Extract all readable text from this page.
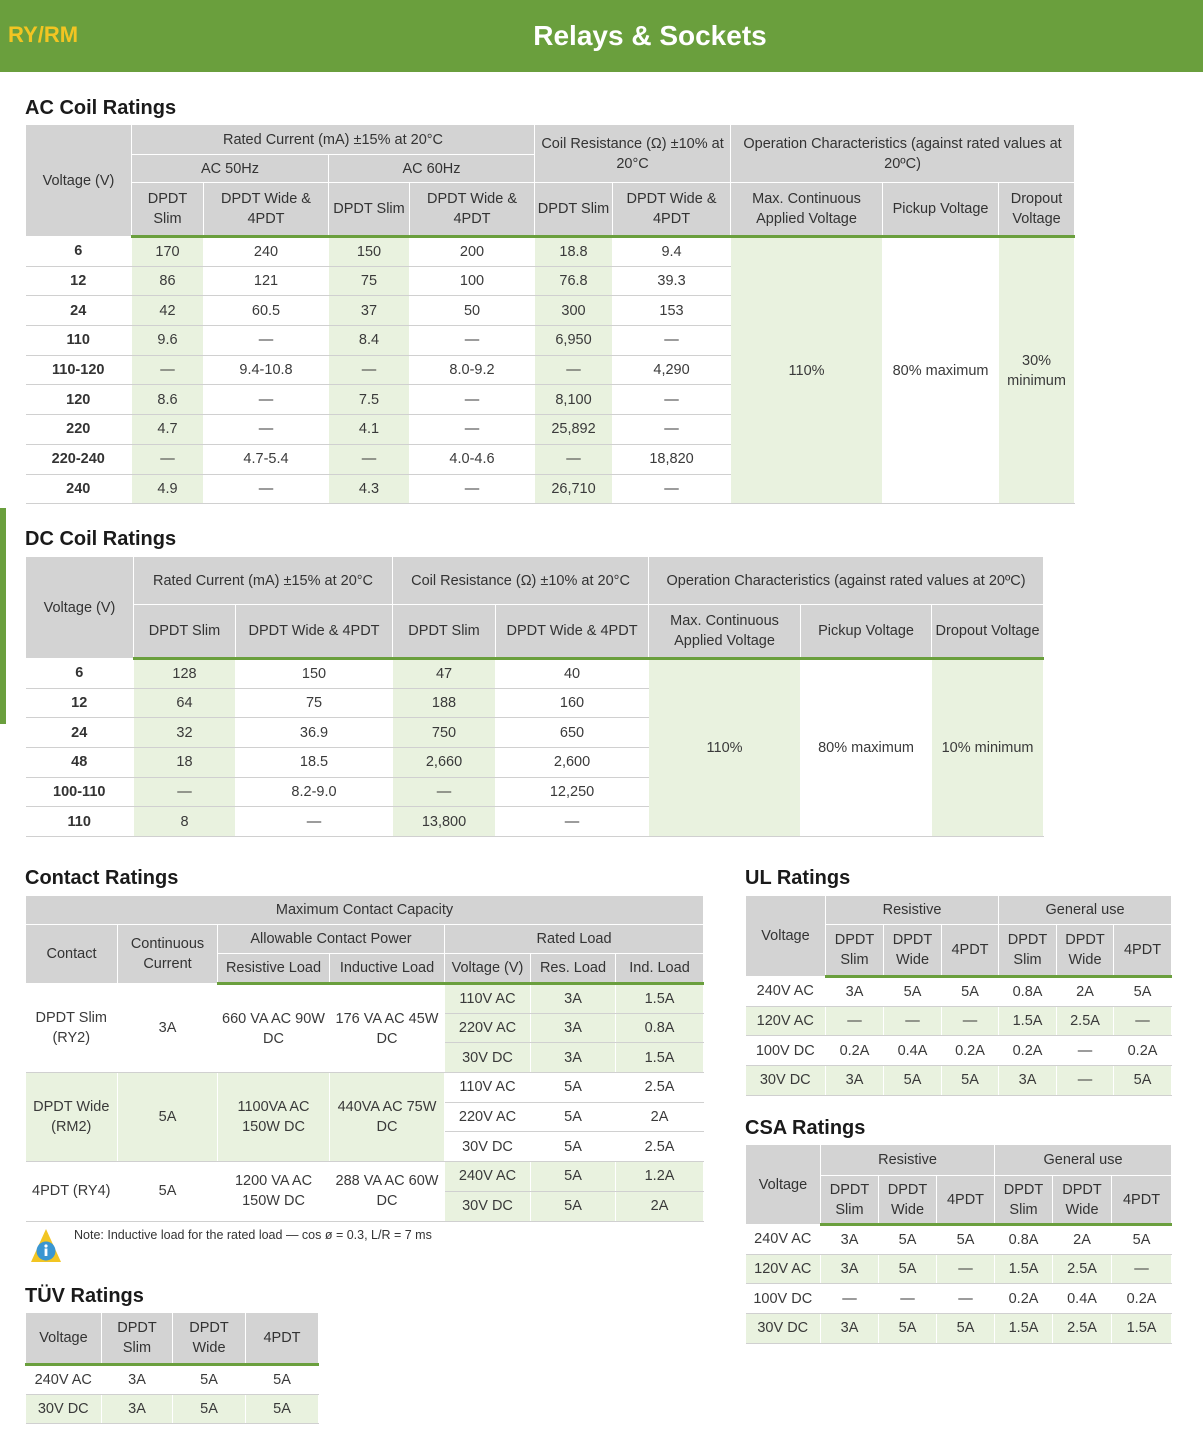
RY/RM	Relays & Sockets
AC Coil Ratings
Voltage (V)	Rated Current (mA) ±15% at 20°C				Coil Resistance (Ω) ±10% at 20°C		Operation Characteristics (against rated values at 20ºC)		
	AC 50Hz		AC 60Hz						
	DPDT Slim	DPDT Wide & 4PDT	DPDT Slim	DPDT Wide & 4PDT	DPDT Slim	DPDT Wide & 4PDT	Max. Continuous Applied Voltage	Pickup Voltage	Dropout Voltage
6	170	240	150	200	18.8	9.4	110%	80% maximum	30% minimum
12	86	121	75	100	76.8	39.3			
24	42	60.5	37	50	300	153			
110	9.6	—	8.4	—	6,950	—			
110-120	—	9.4-10.8	—	8.0-9.2	—	4,290			
120	8.6	—	7.5	—	8,100	—			
220	4.7	—	4.1	—	25,892	—			
220-240	—	4.7-5.4	—	4.0-4.6	—	18,820			
240	4.9	—	4.3	—	26,710	—			
DC Coil Ratings
Voltage (V)	Rated Current (mA) ±15% at 20°C		Coil Resistance (Ω) ±10% at 20°C		Operation Characteristics (against rated values at 20ºC)		
	DPDT Slim	DPDT Wide & 4PDT	DPDT Slim	DPDT Wide & 4PDT	Max. Continuous Applied Voltage	Pickup Voltage	Dropout Voltage
6	128	150	47	40	110%	80% maximum	10% minimum
12	64	75	188	160			
24	32	36.9	750	650			
48	18	18.5	2,660	2,600			
100-110	—	8.2-9.0	—	12,250			
110	8	—	13,800	—			
Contact Ratings
Maximum Contact Capacity						
Contact	Continuous Current	Allowable Contact Power		Rated Load		
		Resistive Load	Inductive Load	Voltage (V)	Res. Load	Ind. Load
DPDT Slim (RY2)	3A	660 VA AC 90W DC	176 VA AC 45W DC	110V AC	3A	1.5A
				220V AC	3A	0.8A
				30V DC	3A	1.5A
DPDT Wide (RM2)	5A	1100VA AC 150W DC	440VA AC 75W DC	110V AC	5A	2.5A
				220V AC	5A	2A
				30V DC	5A	2.5A
4PDT (RY4)	5A	1200 VA AC 150W DC	288 VA AC 60W DC	240V AC	5A	1.2A
				30V DC	5A	2A
Note: Inductive load for the rated load — cos ø = 0.3, L/R = 7 ms
TÜV Ratings
Voltage	DPDT Slim	DPDT Wide	4PDT
240V AC	3A	5A	5A
30V DC	3A	5A	5A
UL Ratings
Voltage	Resistive			General use		
	DPDT Slim	DPDT Wide	4PDT	DPDT Slim	DPDT Wide	4PDT
240V AC	3A	5A	5A	0.8A	2A	5A
120V AC	—	—	—	1.5A	2.5A	—
100V DC	0.2A	0.4A	0.2A	0.2A	—	0.2A
30V DC	3A	5A	5A	3A	—	5A
CSA Ratings
Voltage	Resistive			General use		
	DPDT Slim	DPDT Wide	4PDT	DPDT Slim	DPDT Wide	4PDT
240V AC	3A	5A	5A	0.8A	2A	5A
120V AC	3A	5A	—	1.5A	2.5A	—
100V DC	—	—	—	0.2A	0.4A	0.2A
30V DC	3A	5A	5A	1.5A	2.5A	1.5A
